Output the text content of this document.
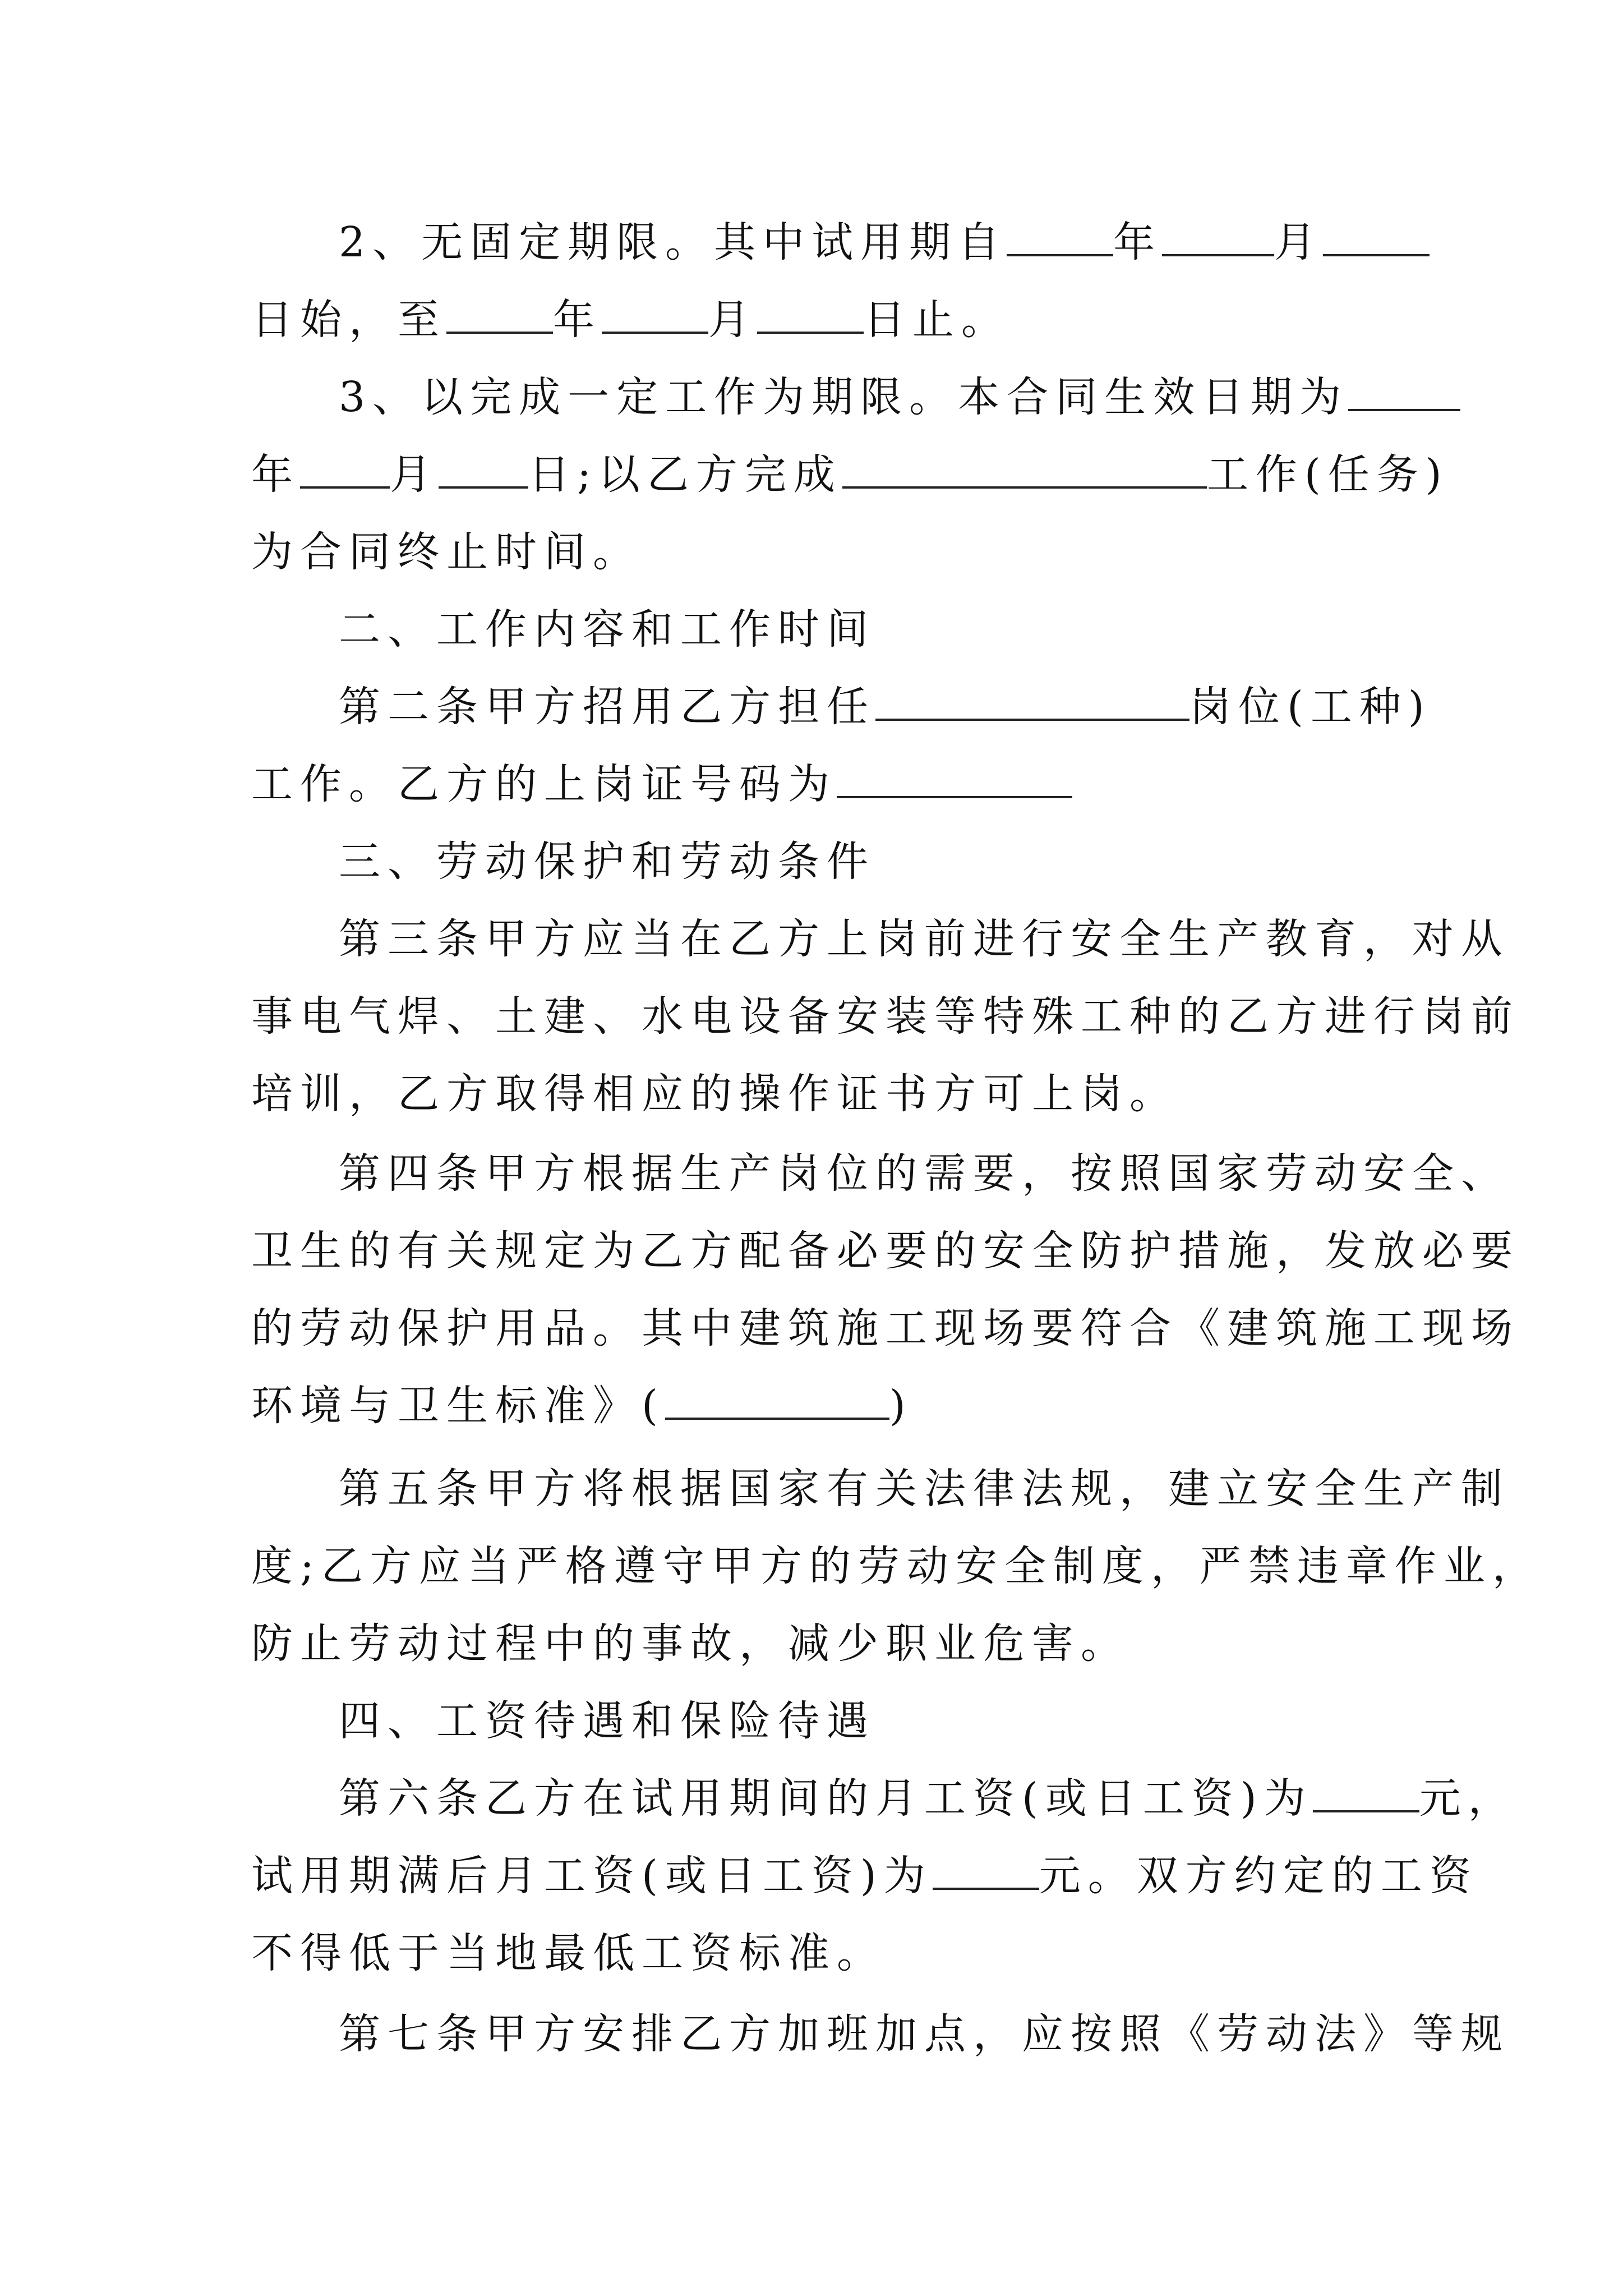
2、无固定期限。其中试用期自	年	月
日始，至	年	月	日止。
3、以完成一定工作为期限。本合同生效日期为
年 月 日;以乙方完成	工作(任务)
为合同终止时间。
二、工作内容和工作时间
第二条甲方招用乙方担任	岗位(工种)
工作。乙方的上岗证号码为
三、劳动保护和劳动条件
第三条甲方应当在乙方上岗前进行安全生产教育，对从
事电气焊、土建、水电设备安装等特殊工种的乙方进行岗前
培训，乙方取得相应的操作证书方可上岗。
第四条甲方根据生产岗位的需要，按照国家劳动安全、
卫生的有关规定为乙方配备必要的安全防护措施，发放必要
的劳动保护用品。其中建筑施工现场要符合《建筑施工现场
环境与卫生标准》(	)
第五条甲方将根据国家有关法律法规，建立安全生产制
度;乙方应当严格遵守甲方的劳动安全制度，严禁违章作业，
防止劳动过程中的事故，减少职业危害。
四、工资待遇和保险待遇
第六条乙方在试用期间的月工资(或日工资)为	元，
试用期满后月工资(或日工资)为	元。双方约定的工资
不得低于当地最低工资标准。
第七条甲方安排乙方加班加点，应按照《劳动法》等规
